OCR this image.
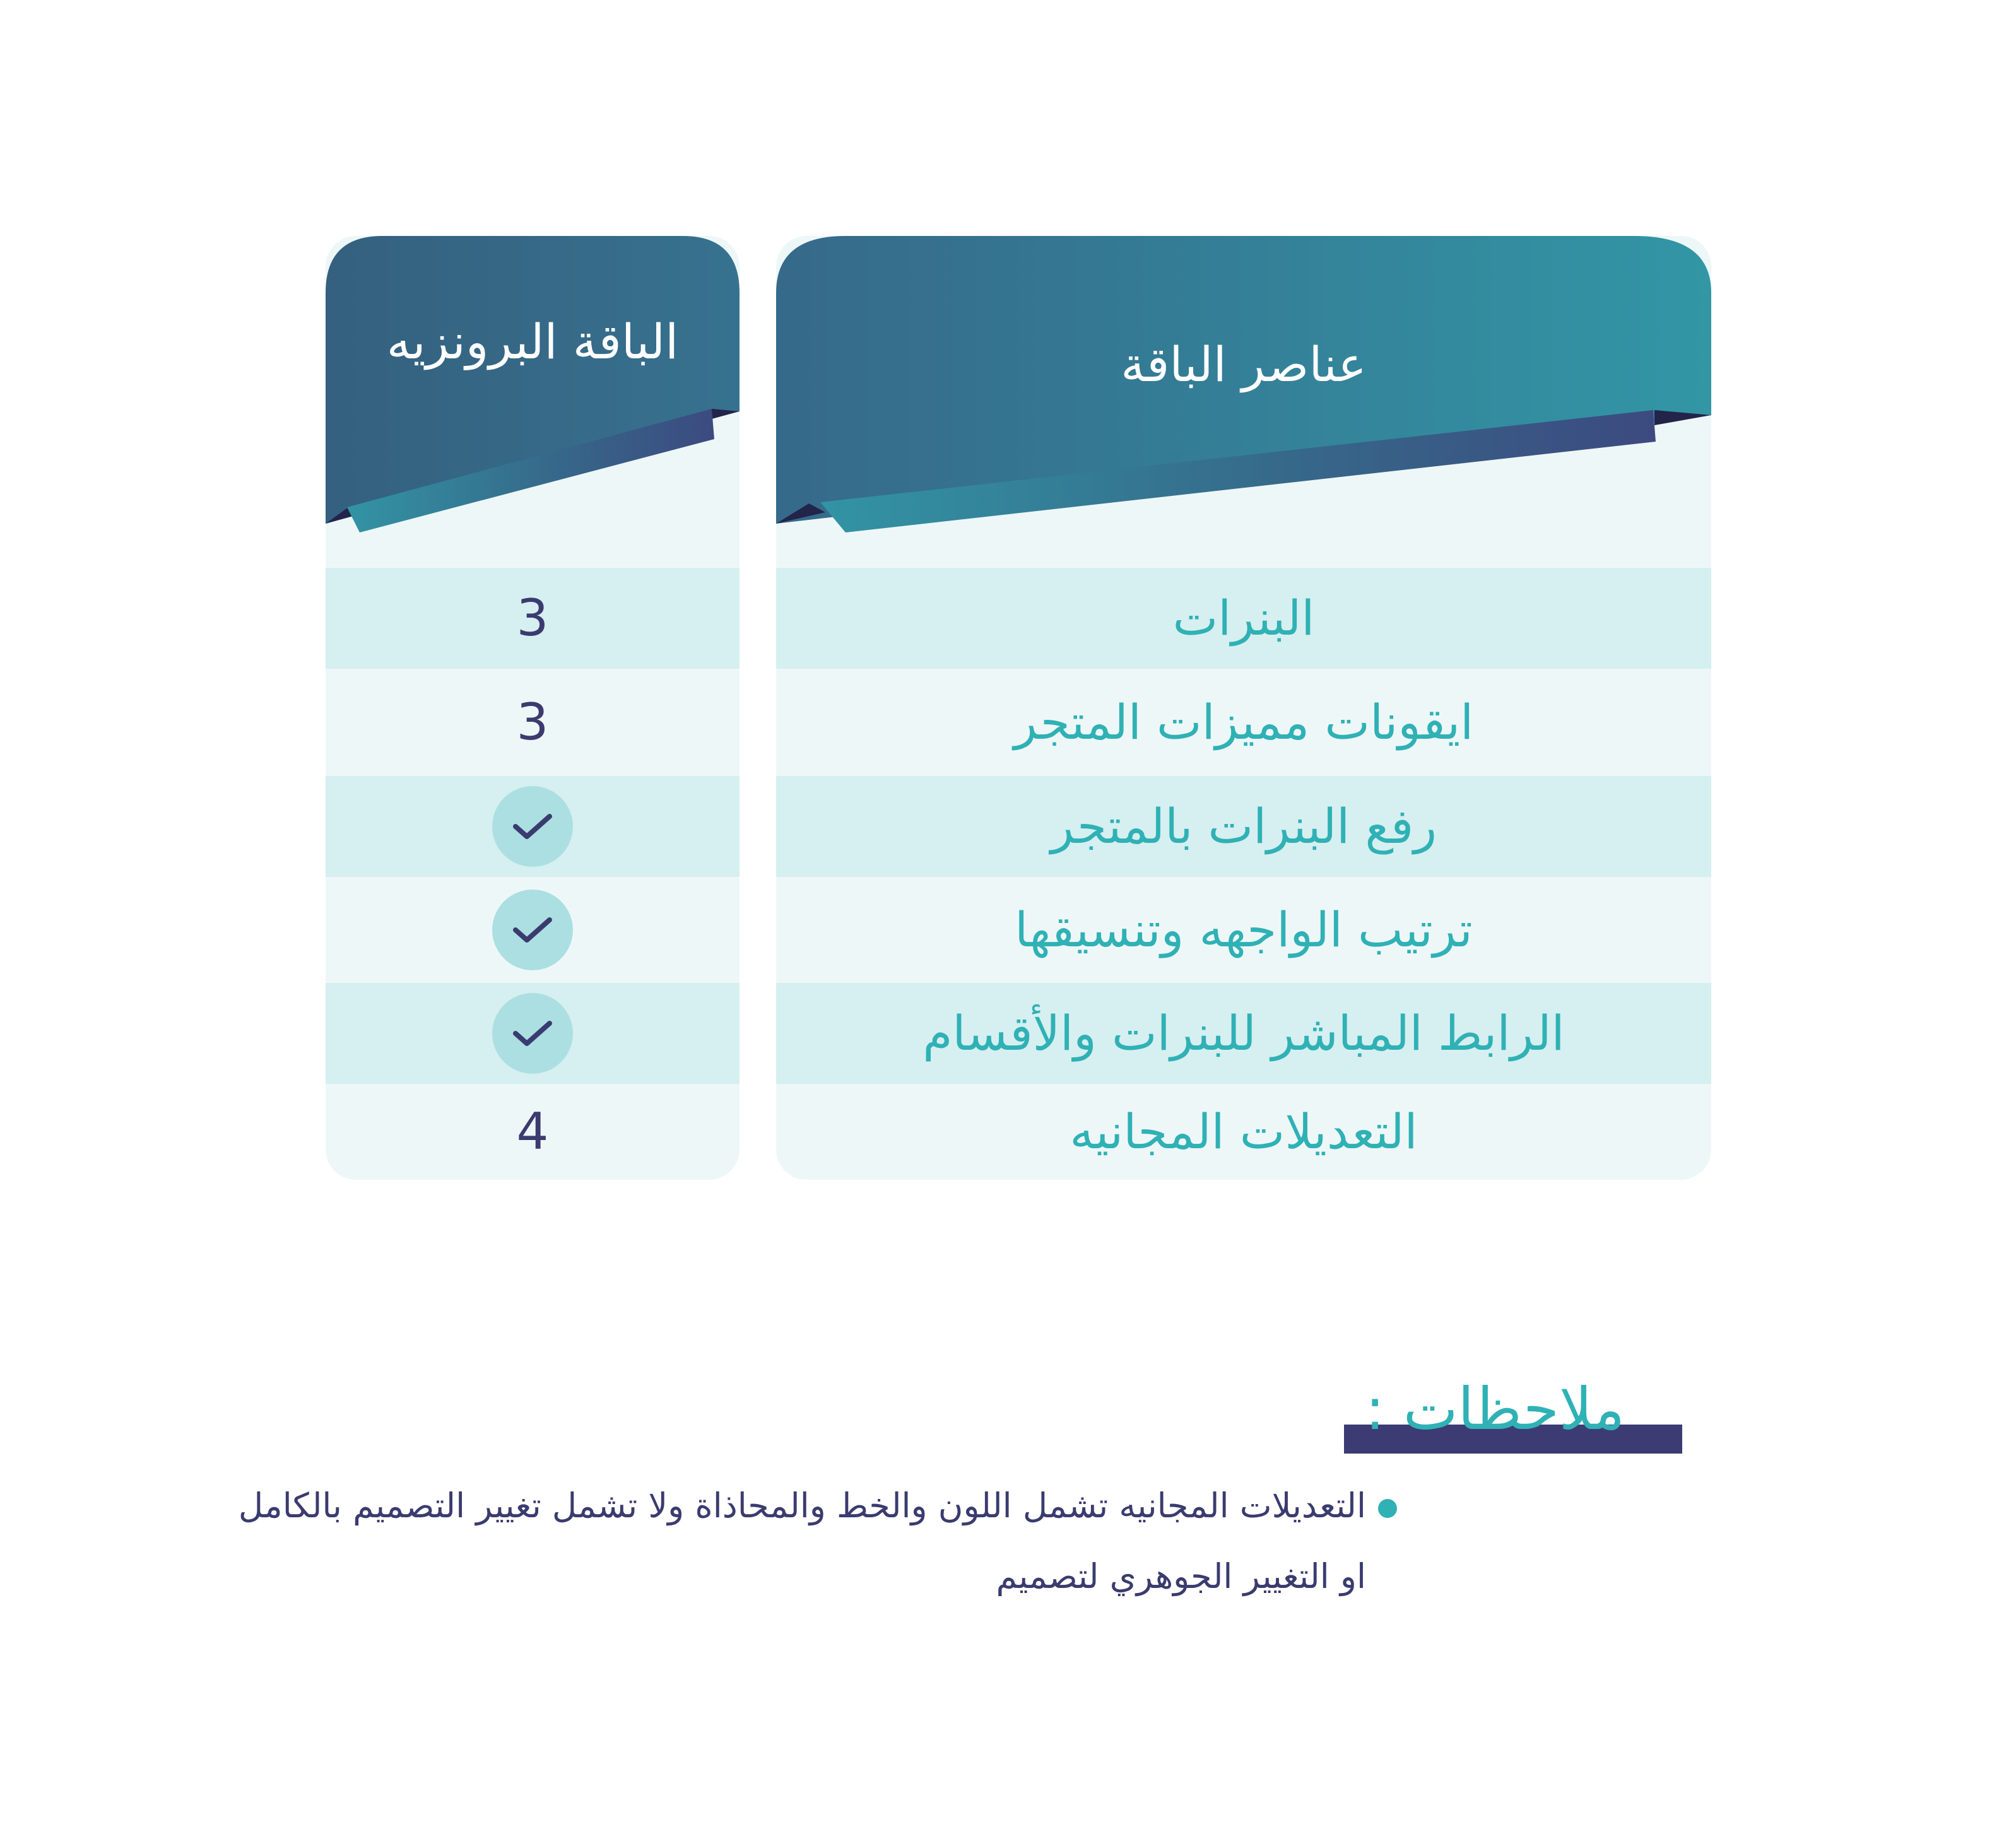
عناصر الباقة
البنرات
ايقونات مميزات المتجر
رفع البنرات بالمتجر
ترتيب الواجهه وتنسيقها
الرابط المباشر للبنرات والأقسام
التعديلات المجانيه
الباقة البرونزيه
3
3
4
ملاحظات :
التعديلات المجانيه تشمل اللون والخط والمحاذاة ولا تشمل تغيير التصميم بالكامل
او التغيير الجوهري لتصميم
